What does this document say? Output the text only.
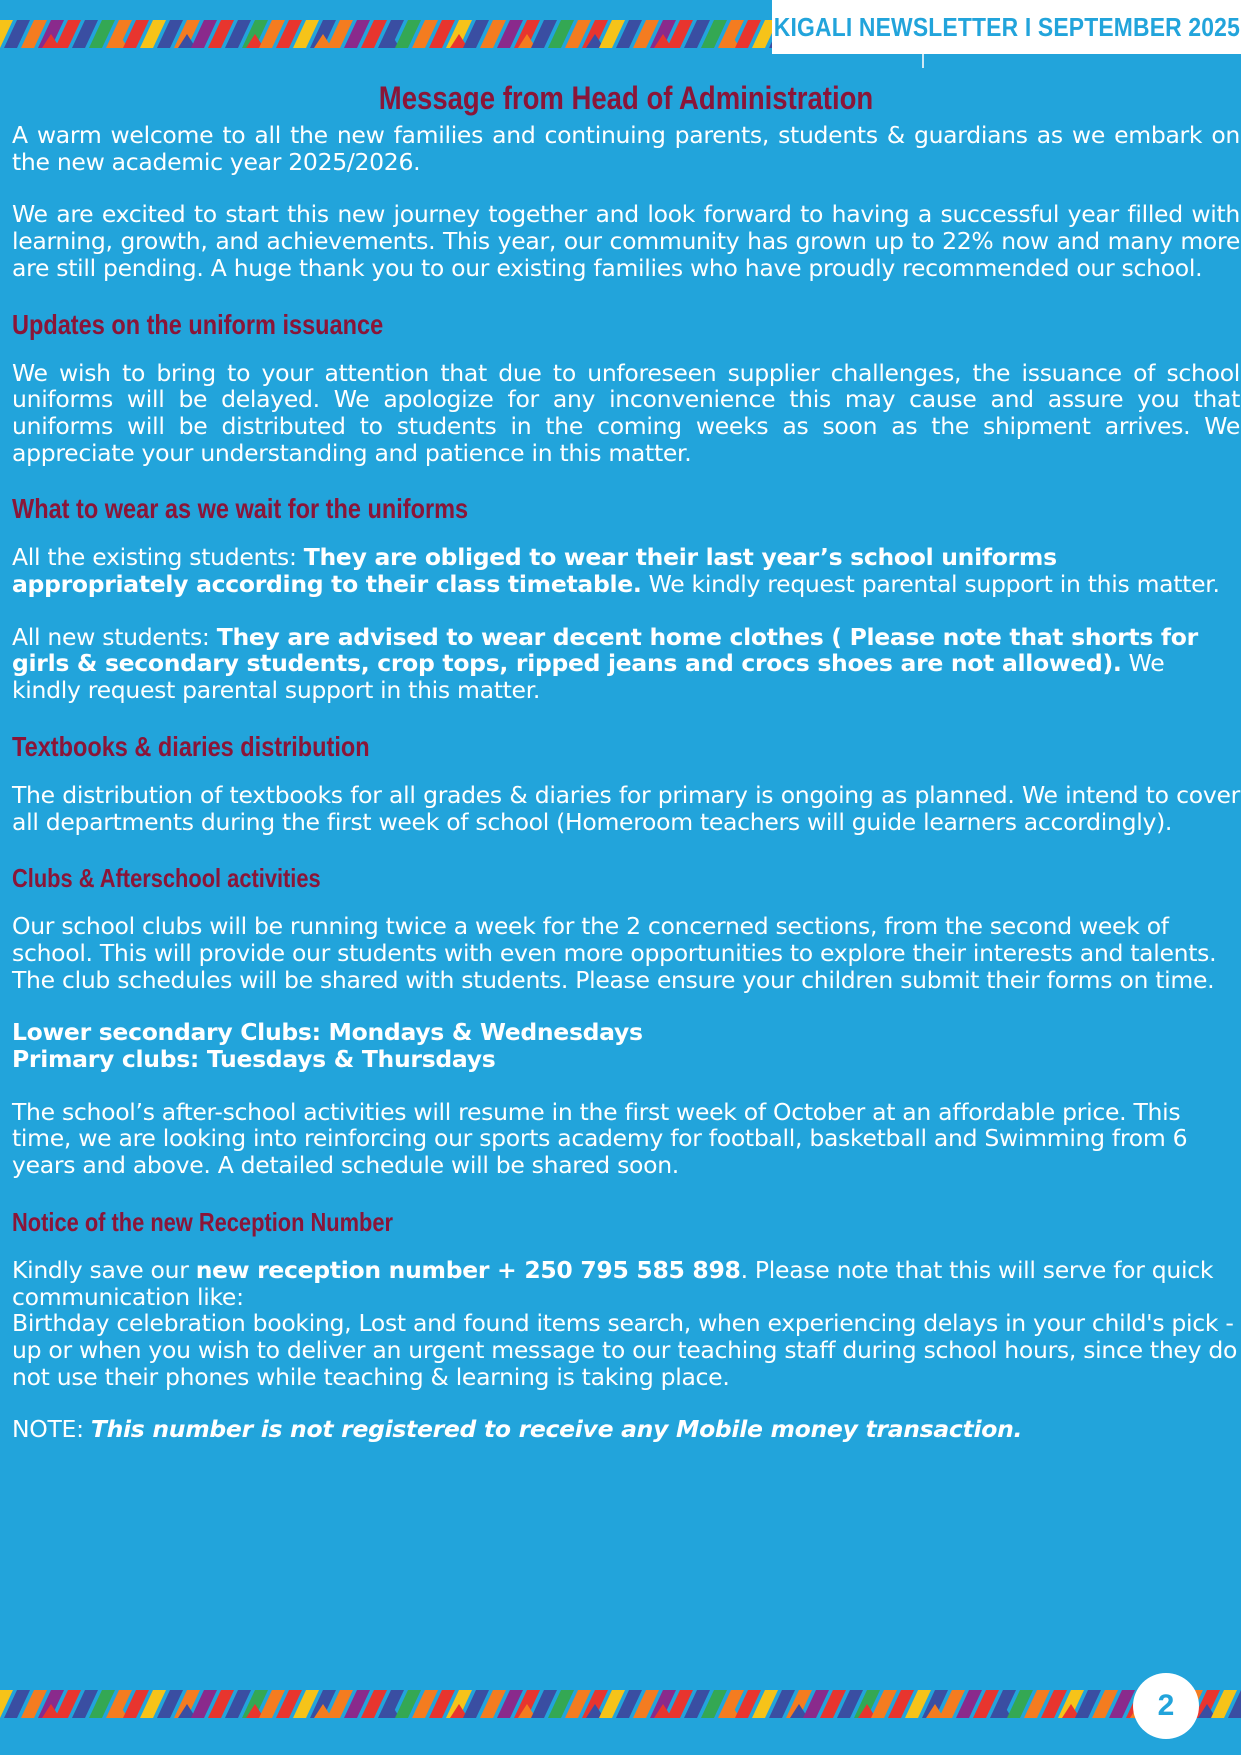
KIGALI NEWSLETTER I SEPTEMBER 2025
Message from Head of Administration

A warm welcome to all the new families and continuing parents, students & guardians as we embark on the new academic year 2025/2026.

We are excited to start this new journey together and look forward to having a successful year filled with learning, growth, and achievements. This year, our community has grown up to 22% now and many more are still pending. A huge thank you to our existing families who have proudly recommended our school.

Updates on the uniform issuance

We wish to bring to your attention that due to unforeseen supplier challenges, the issuance of school uniforms will be delayed. We apologize for any inconvenience this may cause and assure you that uniforms will be distributed to students in the coming weeks as soon as the shipment arrives. We appreciate your understanding and patience in this matter.

What to wear as we wait for the uniforms

All the existing students: They are obliged to wear their last year’s school uniforms appropriately according to their class timetable. We kindly request parental support in this matter.

All new students: They are advised to wear decent home clothes ( Please note that shorts for girls & secondary students, crop tops, ripped jeans and crocs shoes are not allowed). We kindly request parental support in this matter.

Textbooks & diaries distribution

The distribution of textbooks for all grades & diaries for primary is ongoing as planned. We intend to cover all departments during the first week of school (Homeroom teachers will guide learners accordingly).

Clubs & Afterschool activities

Our school clubs will be running twice a week for the 2 concerned sections, from the second week of school. This will provide our students with even more opportunities to explore their interests and talents. The club schedules will be shared with students. Please ensure your children submit their forms on time.

Lower secondary Clubs: Mondays & Wednesdays
Primary clubs: Tuesdays & Thursdays

The school’s after-school activities will resume in the first week of October at an affordable price. This time, we are looking into reinforcing our sports academy for football, basketball and Swimming from 6 years and above. A detailed schedule will be shared soon.

Notice of the new Reception Number

Kindly save our new reception number + 250 795 585 898. Please note that this will serve for quick communication like:

Birthday celebration booking, Lost and found items search, when experiencing delays in your child's pick -up or when you wish to deliver an urgent message to our teaching staff during school hours, since they do not use their phones while teaching & learning is taking place.

NOTE: This number is not registered to receive any Mobile money transaction.

2
